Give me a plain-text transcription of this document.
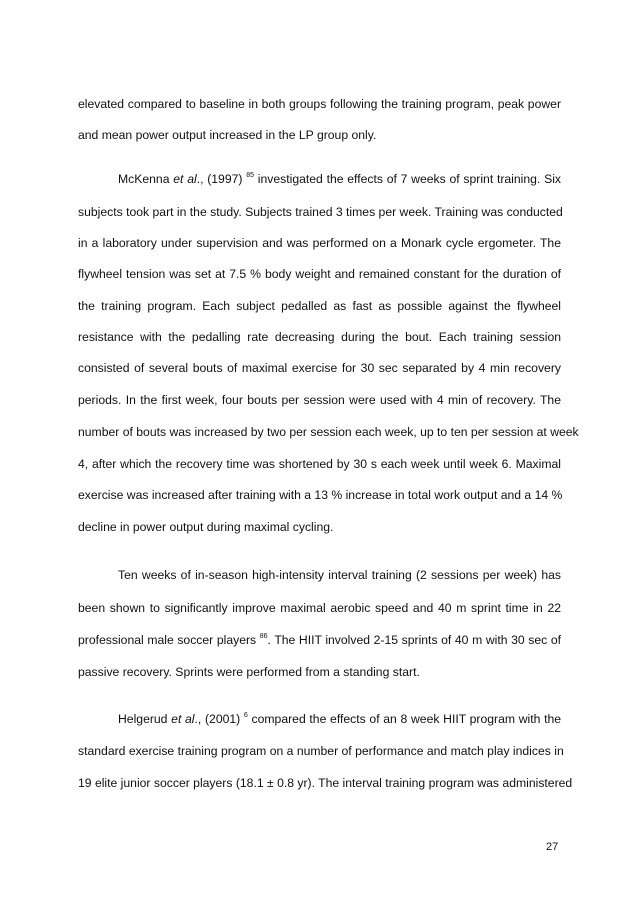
elevated compared to baseline in both groups following the training program, peak power
and mean power output increased in the LP group only.
McKenna et al., (1997) $^{85}$ investigated the effects of 7 weeks of sprint training. Six
subjects took part in the study. Subjects trained 3 times per week. Training was conducted
in a laboratory under supervision and was performed on a Monark cycle ergometer. The
flywheel tension was set at 7.5 % body weight and remained constant for the duration of
the training program. Each subject pedalled as fast as possible against the flywheel
resistance with the pedalling rate decreasing during the bout. Each training session
consisted of several bouts of maximal exercise for 30 sec separated by 4 min recovery
periods. In the first week, four bouts per session were used with 4 min of recovery. The
number of bouts was increased by two per session each week, up to ten per session at week
4, after which the recovery time was shortened by 30 s each week until week 6. Maximal
exercise was increased after training with a 13 % increase in total work output and a 14 %
decline in power output during maximal cycling.
Ten weeks of in-season high-intensity interval training (2 sessions per week) has
been shown to significantly improve maximal aerobic speed and 40 m sprint time in 22
professional male soccer players $^{86}$. The HIIT involved 2-15 sprints of 40 m with 30 sec of
passive recovery. Sprints were performed from a standing start.
Helgerud et al., (2001) $^6$ compared the effects of an 8 week HIIT program with the
standard exercise training program on a number of performance and match play indices in
19 elite junior soccer players (18.1 ± 0.8 yr). The interval training program was administered
27
